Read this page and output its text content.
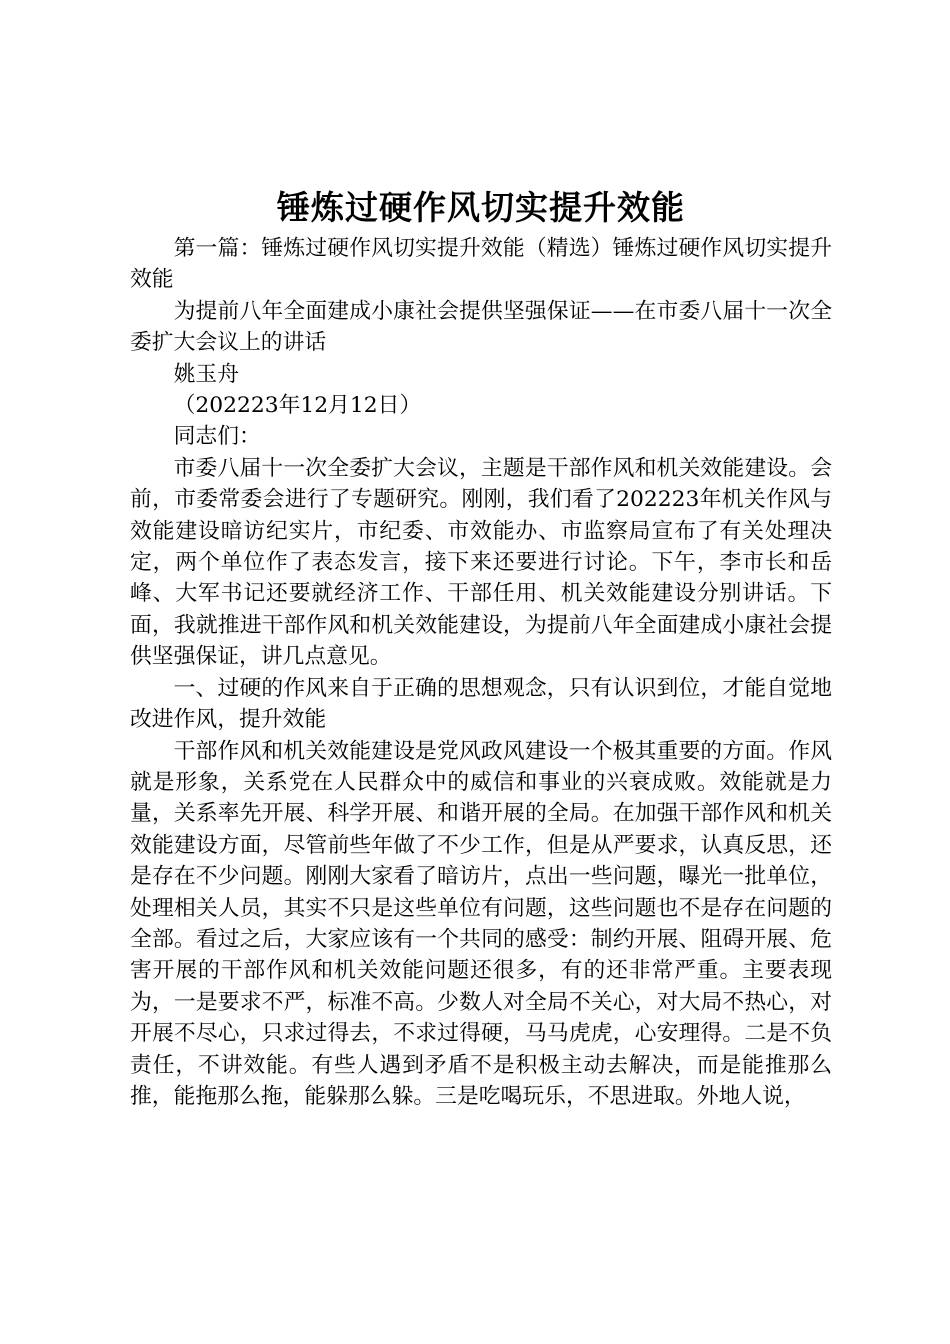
锤炼过硬作风切实提升效能

第一篇：锤炼过硬作风切实提升效能（精选）锤炼过硬作风切实提升效能

为提前八年全面建成小康社会提供坚强保证——在市委八届十一次全委扩大会议上的讲话

姚玉舟

（202223年12月12日）

同志们：

市委八届十一次全委扩大会议，主题是干部作风和机关效能建设。会前，市委常委会进行了专题研究。刚刚，我们看了202223年机关作风与效能建设暗访纪实片，市纪委、市效能办、市监察局宣布了有关处理决定，两个单位作了表态发言，接下来还要进行讨论。下午，李市长和岳峰、大军书记还要就经济工作、干部任用、机关效能建设分别讲话。下面，我就推进干部作风和机关效能建设，为提前八年全面建成小康社会提供坚强保证，讲几点意见。

一、过硬的作风来自于正确的思想观念，只有认识到位，才能自觉地改进作风，提升效能

干部作风和机关效能建设是党风政风建设一个极其重要的方面。作风就是形象，关系党在人民群众中的威信和事业的兴衰成败。效能就是力量，关系率先开展、科学开展、和谐开展的全局。在加强干部作风和机关效能建设方面，尽管前些年做了不少工作，但是从严要求，认真反思，还是存在不少问题。刚刚大家看了暗访片，点出一些问题，曝光一批单位，处理相关人员，其实不只是这些单位有问题，这些问题也不是存在问题的全部。看过之后，大家应该有一个共同的感受：制约开展、阻碍开展、危害开展的干部作风和机关效能问题还很多，有的还非常严重。主要表现为，一是要求不严，标准不高。少数人对全局不关心，对大局不热心，对开展不尽心，只求过得去，不求过得硬，马马虎虎，心安理得。二是不负责任，不讲效能。有些人遇到矛盾不是积极主动去解决，而是能推那么推，能拖那么拖，能躲那么躲。三是吃喝玩乐，不思进取。外地人说，
